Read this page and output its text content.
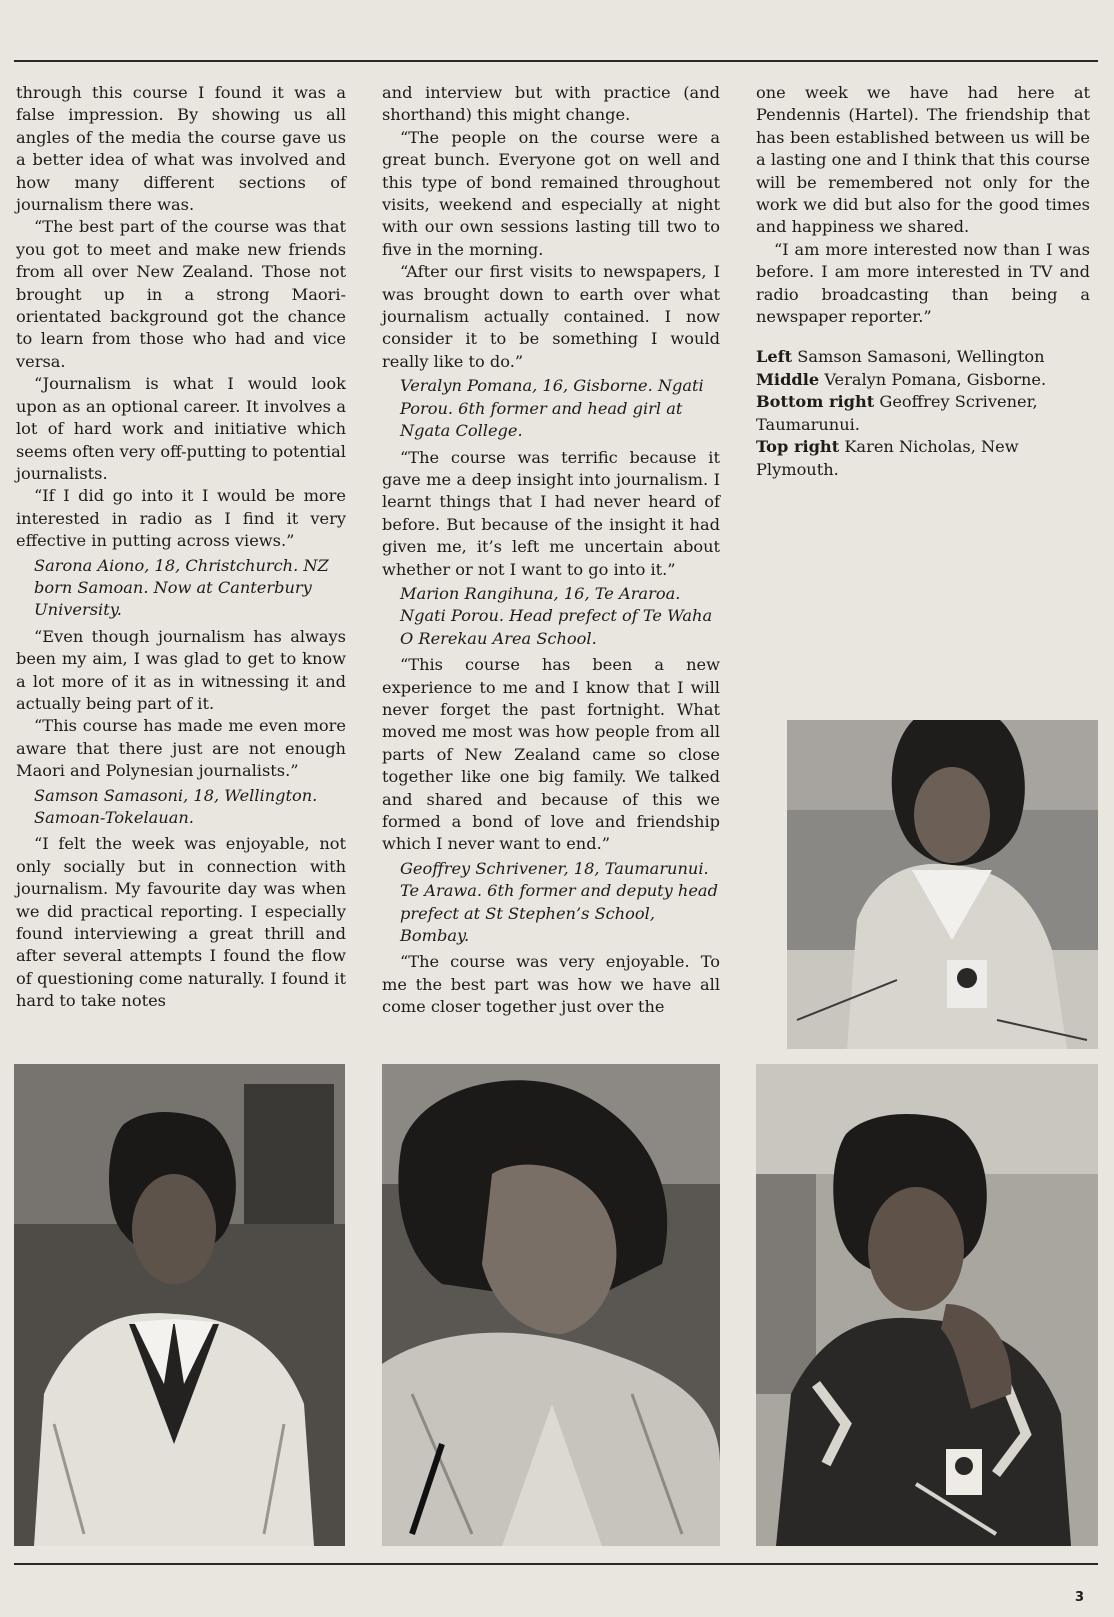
through this course I found it was a false impression. By showing us all angles of the media the course gave us a better idea of what was involved and how many different sections of journalism there was.

“The best part of the course was that you got to meet and make new friends from all over New Zealand. Those not brought up in a strong Maori-orientated background got the chance to learn from those who had and vice versa.

“Journalism is what I would look upon as an optional career. It involves a lot of hard work and initiative which seems often very off-putting to potential journalists.

“If I did go into it I would be more interested in radio as I find it very effective in putting across views.”

Sarona Aiono, 18, Christchurch. NZ born Samoan. Now at Canterbury University.

“Even though journalism has always been my aim, I was glad to get to know a lot more of it as in witnessing it and actually being part of it.

“This course has made me even more aware that there just are not enough Maori and Polynesian journalists.”

Samson Samasoni, 18, Wellington. Samoan-Tokelauan.

“I felt the week was enjoyable, not only socially but in connection with journalism. My favourite day was when we did practical reporting. I especially found interviewing a great thrill and after several attempts I found the flow of questioning come naturally. I found it hard to take notes

and interview but with practice (and shorthand) this might change.

“The people on the course were a great bunch. Everyone got on well and this type of bond remained throughout visits, weekend and especially at night with our own sessions lasting till two to five in the morning.

“After our first visits to newspapers, I was brought down to earth over what journalism actually contained. I now consider it to be something I would really like to do.”

Veralyn Pomana, 16, Gisborne. Ngati Porou. 6th former and head girl at Ngata College.

“The course was terrific because it gave me a deep insight into journalism. I learnt things that I had never heard of before. But because of the insight it had given me, it’s left me uncertain about whether or not I want to go into it.”

Marion Rangihuna, 16, Te Araroa. Ngati Porou. Head prefect of Te Waha O Rerekau Area School.

“This course has been a new experience to me and I know that I will never forget the past fortnight. What moved me most was how people from all parts of New Zealand came so close together like one big family. We talked and shared and because of this we formed a bond of love and friendship which I never want to end.”

Geoffrey Schrivener, 18, Taumarunui. Te Arawa. 6th former and deputy head prefect at St Stephen’s School, Bombay.

“The course was very enjoyable. To me the best part was how we have all come closer together just over the

one week we have had here at Pendennis (Hartel). The friendship that has been established between us will be a lasting one and I think that this course will be remembered not only for the work we did but also for the good times and happiness we shared.

“I am more interested now than I was before. I am more interested in TV and radio broadcasting than being a newspaper reporter.”

Left Samson Samasoni, Wellington

Middle Veralyn Pomana, Gisborne.

Bottom right Geoffrey Scrivener, Taumarunui.

Top right Karen Nicholas, New Plymouth.

3
